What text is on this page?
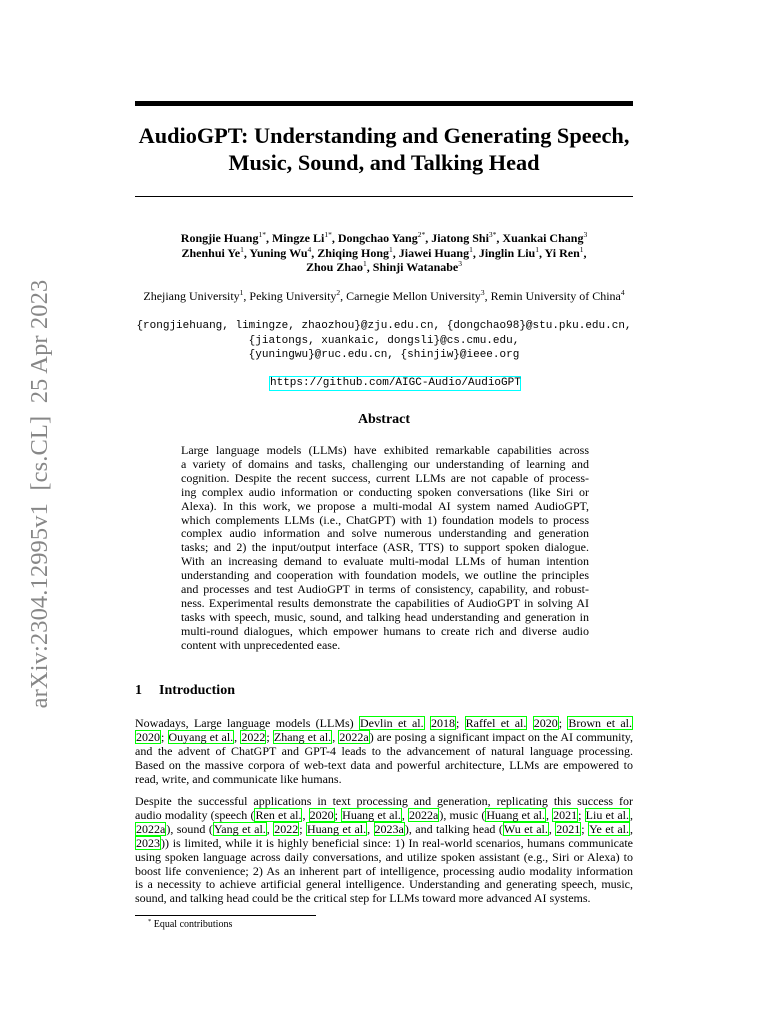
arXiv:2304.12995v1  [cs.CL]  25 Apr 2023
AudioGPT: Understanding and Generating Speech,
Music, Sound, and Talking Head
Rongjie Huang$^{1*}$, Mingze $Li^{1*}$, Dongchao Yang$^{2*}$, Jiatong Shi$^{3*}$, Xuankai Chang$^3$
Zhenhui Ye$^1$, Yuning Wu$^4$, Zhiqing Hong$^1$, Jiawei Huang$^1$, Jinglin Liu$^1$, Yi Ren$^1$,
Zhou Zhao$^1$, Shinji Watanabe$^3$
Zhejiang University$^1$, Peking University$^2$, Carnegie Mellon University$^3$, Remin University of China$^4$
{rongjiehuang, limingze, zhaozhou}@zju.edu.cn, {dongchao98}@stu.pku.edu.cn,
{jiatongs, xuankaic, dongsli}@cs.cmu.edu,
{yuningwu}@ruc.edu.cn, {shinjiw}@ieee.org
https://github.com/AIGC-Audio/AudioGPT
Abstract
Large language models (LLMs) have exhibited remarkable capabilities across
a variety of domains and tasks, challenging our understanding of learning and
cognition. Despite the recent success, current LLMs are not capable of process-
ing complex audio information or conducting spoken conversations (like Siri or
Alexa). In this work, we propose a multi-modal AI system named AudioGPT,
which complements LLMs (i.e., ChatGPT) with 1) foundation models to process
complex audio information and solve numerous understanding and generation
tasks; and 2) the input/output interface (ASR, TTS) to support spoken dialogue.
With an increasing demand to evaluate multi-modal LLMs of human intention
understanding and cooperation with foundation models, we outline the principles
and processes and test AudioGPT in terms of consistency, capability, and robust-
ness. Experimental results demonstrate the capabilities of AudioGPT in solving AI
tasks with speech, music, sound, and talking head understanding and generation in
multi-round dialogues, which empower humans to create rich and diverse audio
content with unprecedented ease.
1 Introduction
Nowadays, Large language models (LLMs) Devlin et al. 2018; Raffel et al. 2020; Brown et al.
2020; Ouyang et al., 2022; Zhang et al., 2022a) are posing a significant impact on the AI community,
and the advent of ChatGPT and GPT-4 leads to the advancement of natural language processing.
Based on the massive corpora of web-text data and powerful architecture, LLMs are empowered to
read, write, and communicate like humans.
Despite the successful applications in text processing and generation, replicating this success for
audio modality (speech (Ren et al., 2020; Huang et al., 2022a), music (Huang et al., 2021; Liu et al.,
2022a), sound (Yang et al., 2022; Huang et al., 2023a), and talking head (Wu et al., 2021; Ye et al.,
2023)) is limited, while it is highly beneficial since: 1) In real-world scenarios, humans communicate
using spoken language across daily conversations, and utilize spoken assistant (e.g., Siri or Alexa) to
boost life convenience; 2) As an inherent part of intelligence, processing audio modality information
is a necessity to achieve artificial general intelligence. Understanding and generating speech, music,
sound, and talking head could be the critical step for LLMs toward more advanced AI systems.
* Equal contributions
